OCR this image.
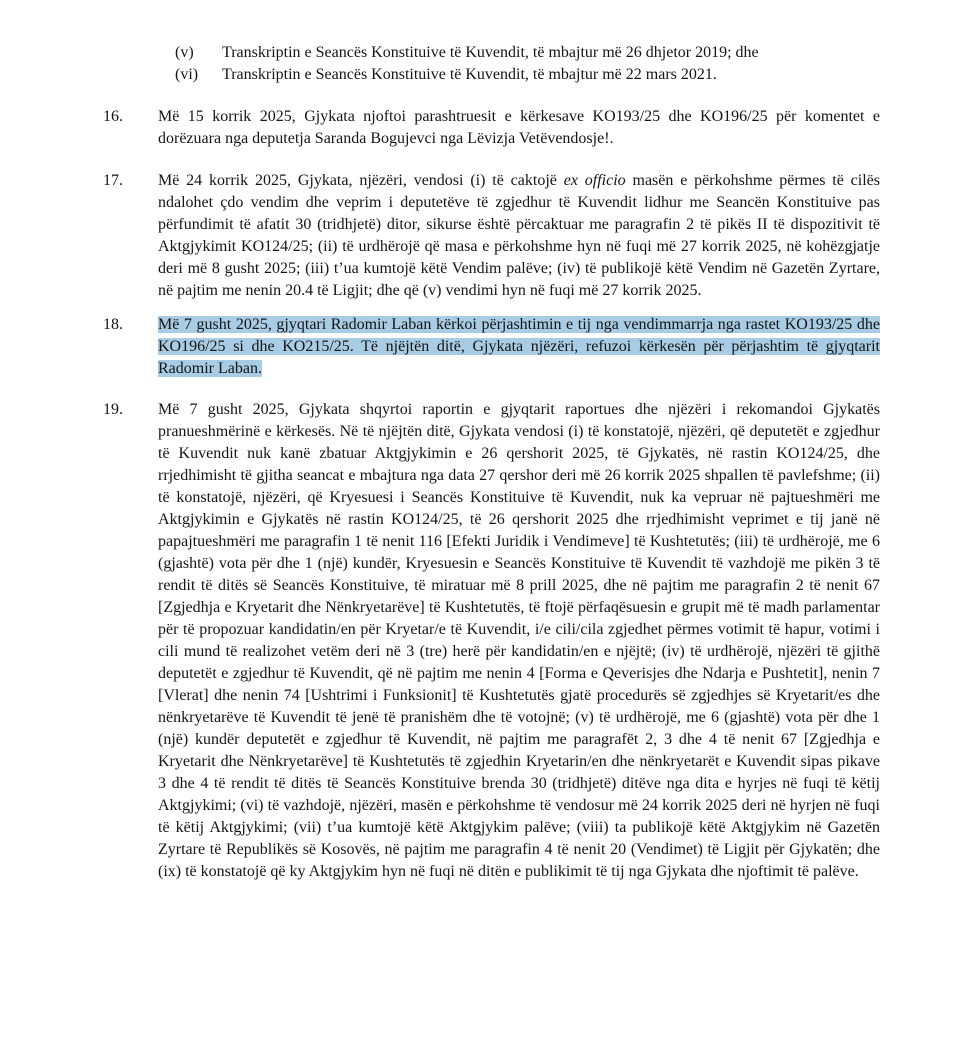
(v)	Transkriptin e Seancës Konstituive të Kuvendit, të mbajtur më 26 dhjetor 2019; dhe
(vi)	Transkriptin e Seancës Konstituive të Kuvendit, të mbajtur më 22 mars 2021.
16.	Më 15 korrik 2025, Gjykata njoftoi parashtruesit e kërkesave KO193/25 dhe KO196/25 për komentet e dorëzuara nga deputetja Saranda Bogujevci nga Lëvizja Vetëvendosje!.
17.	Më 24 korrik 2025, Gjykata, njëzëri, vendosi (i) të caktojë ex officio masën e përkohshme përmes të cilës ndalohet çdo vendim dhe veprim i deputetëve të zgjedhur të Kuvendit lidhur me Seancën Konstituive pas përfundimit të afatit 30 (tridhjetë) ditor, sikurse është përcaktuar me paragrafin 2 të pikës II të dispozitivit të Aktgjykimit KO124/25; (ii) të urdhërojë që masa e përkohshme hyn në fuqi më 27 korrik 2025, në kohëzgjatje deri më 8 gusht 2025; (iii) t’ua kumtojë këtë Vendim palëve; (iv) të publikojë këtë Vendim në Gazetën Zyrtare, në pajtim me nenin 20.4 të Ligjit; dhe që (v) vendimi hyn në fuqi më 27 korrik 2025.
18.	Më 7 gusht 2025, gjyqtari Radomir Laban kërkoi përjashtimin e tij nga vendimmarrja nga rastet KO193/25 dhe KO196/25 si dhe KO215/25. Të njëjtën ditë, Gjykata njëzëri, refuzoi kërkesën për përjashtim të gjyqtarit Radomir Laban.
19.	Më 7 gusht 2025, Gjykata shqyrtoi raportin e gjyqtarit raportues dhe njëzëri i rekomandoi Gjykatës pranueshmërinë e kërkesës. Në të njëjtën ditë, Gjykata vendosi (i) të konstatojë, njëzëri, që deputetët e zgjedhur të Kuvendit nuk kanë zbatuar Aktgjykimin e 26 qershorit 2025, të Gjykatës, në rastin KO124/25, dhe rrjedhimisht të gjitha seancat e mbajtura nga data 27 qershor deri më 26 korrik 2025 shpallen të pavlefshme; (ii) të konstatojë, njëzëri, që Kryesuesi i Seancës Konstituive të Kuvendit, nuk ka vepruar në pajtueshmëri me Aktgjykimin e Gjykatës në rastin KO124/25, të 26 qershorit 2025 dhe rrjedhimisht veprimet e tij janë në papajtueshmëri me paragrafin 1 të nenit 116 [Efekti Juridik i Vendimeve] të Kushtetutës; (iii) të urdhërojë, me 6 (gjashtë) vota për dhe 1 (një) kundër, Kryesuesin e Seancës Konstituive të Kuvendit të vazhdojë me pikën 3 të rendit të ditës së Seancës Konstituive, të miratuar më 8 prill 2025, dhe në pajtim me paragrafin 2 të nenit 67 [Zgjedhja e Kryetarit dhe Nënkryetarëve] të Kushtetutës, të ftojë përfaqësuesin e grupit më të madh parlamentar për të propozuar kandidatin/en për Kryetar/e të Kuvendit, i/e cili/cila zgjedhet përmes votimit të hapur, votimi i cili mund të realizohet vetëm deri në 3 (tre) herë për kandidatin/en e njëjtë; (iv) të urdhërojë, njëzëri të gjithë deputetët e zgjedhur të Kuvendit, që në pajtim me nenin 4 [Forma e Qeverisjes dhe Ndarja e Pushtetit], nenin 7 [Vlerat] dhe nenin 74 [Ushtrimi i Funksionit] të Kushtetutës gjatë procedurës së zgjedhjes së Kryetarit/es dhe nënkryetarëve të Kuvendit të jenë të pranishëm dhe të votojnë; (v) të urdhërojë, me 6 (gjashtë) vota për dhe 1 (një) kundër deputetët e zgjedhur të Kuvendit, në pajtim me paragrafët 2, 3 dhe 4 të nenit 67 [Zgjedhja e Kryetarit dhe Nënkryetarëve] të Kushtetutës të zgjedhin Kryetarin/en dhe nënkryetarët e Kuvendit sipas pikave 3 dhe 4 të rendit të ditës të Seancës Konstituive brenda 30 (tridhjetë) ditëve nga dita e hyrjes në fuqi të këtij Aktgjykimi; (vi) të vazhdojë, njëzëri, masën e përkohshme të vendosur më 24 korrik 2025 deri në hyrjen në fuqi të këtij Aktgjykimi; (vii) t’ua kumtojë këtë Aktgjykim palëve; (viii) ta publikojë këtë Aktgjykim në Gazetën Zyrtare të Republikës së Kosovës, në pajtim me paragrafin 4 të nenit 20 (Vendimet) të Ligjit për Gjykatën; dhe (ix) të konstatojë që ky Aktgjykim hyn në fuqi në ditën e publikimit të tij nga Gjykata dhe njoftimit të palëve.
